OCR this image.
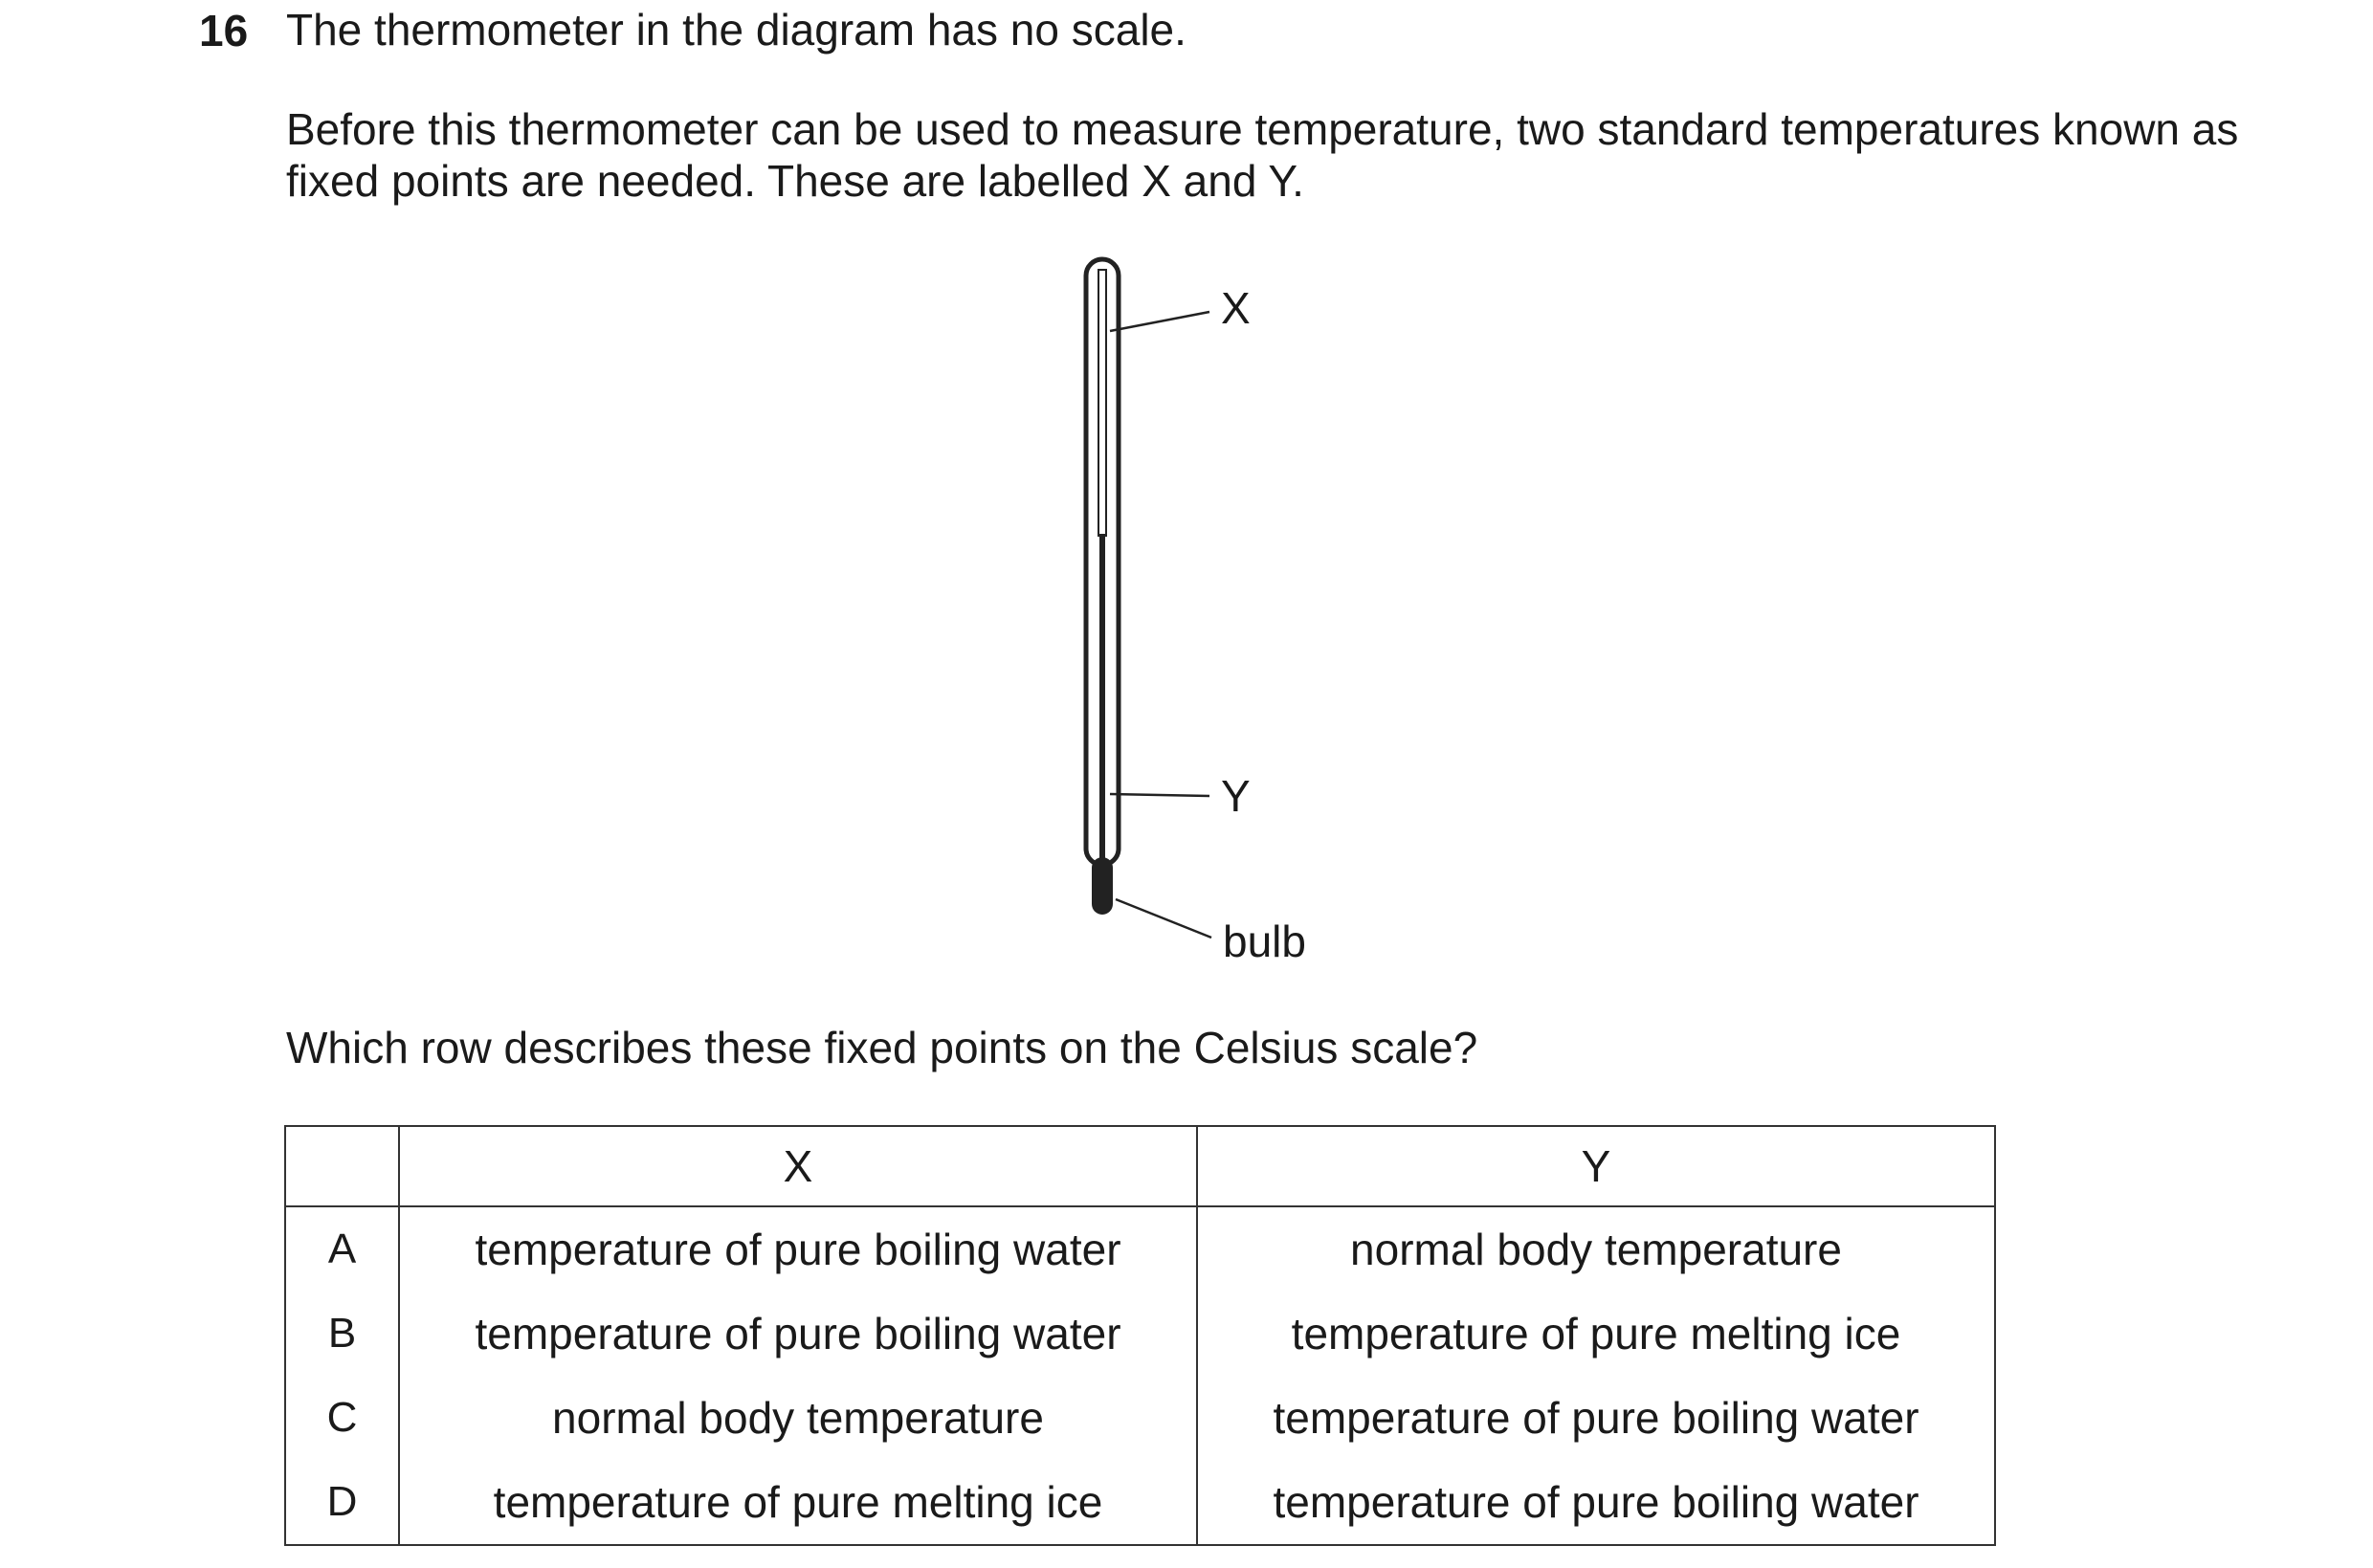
16 The thermometer in the diagram has no scale.
Before this thermometer can be used to measure temperature, two standard temperatures known as fixed points are needed. These are labelled X and Y.
X
Y
bulb
Which row describes these fixed points on the Celsius scale?
	X	Y
A	temperature of pure boiling water	normal body temperature
B	temperature of pure boiling water	temperature of pure melting ice
C	normal body temperature	temperature of pure boiling water
D	temperature of pure melting ice	temperature of pure boiling water
